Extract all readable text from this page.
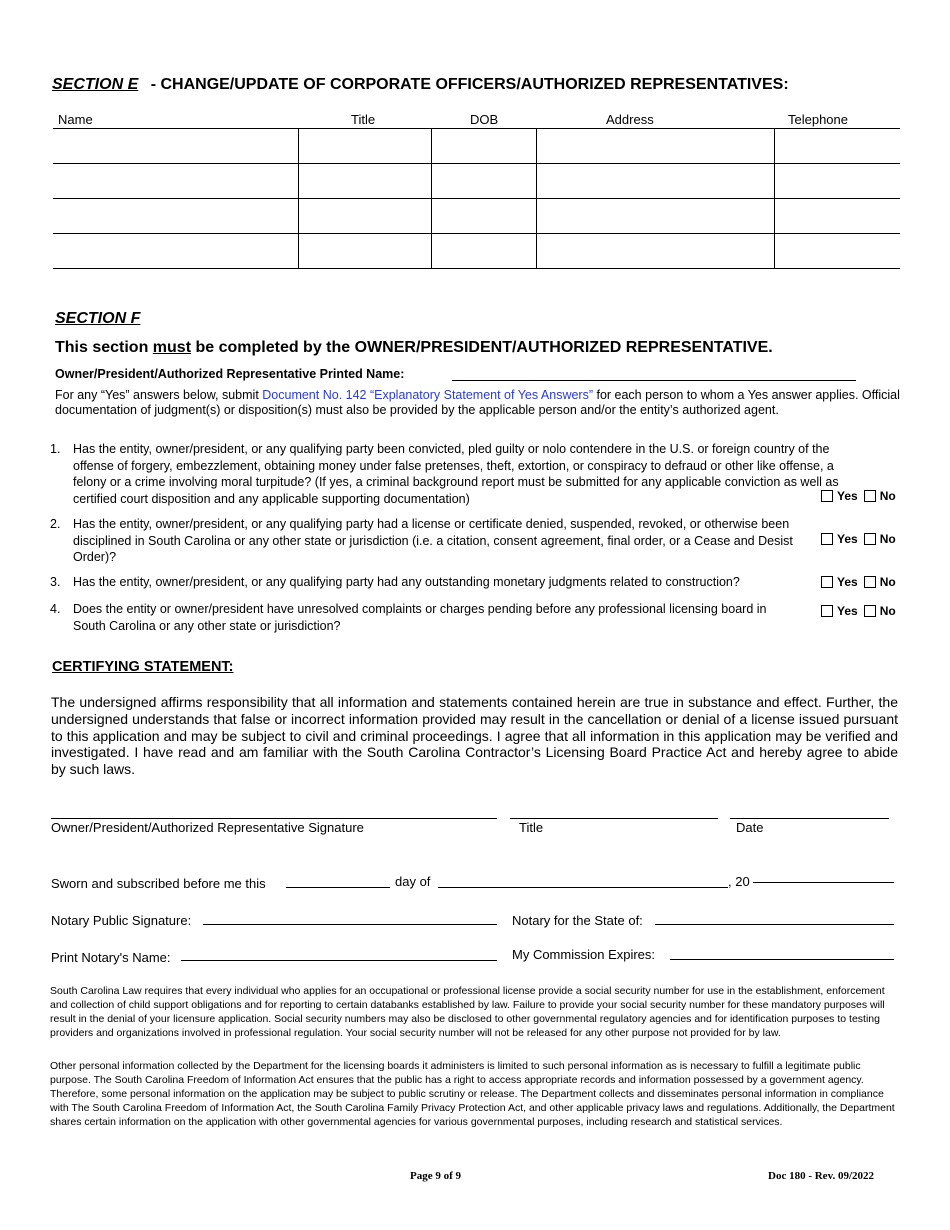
SECTION E - CHANGE/UPDATE OF CORPORATE OFFICERS/AUTHORIZED REPRESENTATIVES:
Name	Title	DOB	Address	Telephone

SECTION F
This section must be completed by the OWNER/PRESIDENT/AUTHORIZED REPRESENTATIVE.
Owner/President/Authorized Representative Printed Name:
For any “Yes” answers below, submit Document No. 142 “Explanatory Statement of Yes Answers” for each person to whom a Yes answer applies. Official documentation of judgment(s) or disposition(s) must also be provided by the applicable person and/or the entity’s authorized agent.
1. Has the entity, owner/president, or any qualifying party been convicted, pled guilty or nolo contendere in the U.S. or foreign country of the offense of forgery, embezzlement, obtaining money under false pretenses, theft, extortion, or conspiracy to defraud or other like offense, a felony or a crime involving moral turpitude? (If yes, a criminal background report must be submitted for any applicable conviction as well as certified court disposition and any applicable supporting documentation)	Yes No
2. Has the entity, owner/president, or any qualifying party had a license or certificate denied, suspended, revoked, or otherwise been disciplined in South Carolina or any other state or jurisdiction (i.e. a citation, consent agreement, final order, or a Cease and Desist Order)?
Yes No
3. Has the entity, owner/president, or any qualifying party had any outstanding monetary judgments related to construction?	Yes No
4. Does the entity or owner/president have unresolved complaints or charges pending before any professional licensing board in South Carolina or any other state or jurisdiction?
Yes No
CERTIFYING STATEMENT:
The undersigned affirms responsibility that all information and statements contained herein are true in substance and effect. Further, the undersigned understands that false or incorrect information provided may result in the cancellation or denial of a license issued pursuant to this application and may be subject to civil and criminal proceedings. I agree that all information in this application may be verified and investigated. I have read and am familiar with the South Carolina Contractor’s Licensing Board Practice Act and hereby agree to abide by such laws.
Owner/President/Authorized Representative Signature	Title	Date
Sworn and subscribed before me this	day of	, 20
Notary Public Signature:	Notary for the State of:
Print Notary's Name:	My Commission Expires:
South Carolina Law requires that every individual who applies for an occupational or professional license provide a social security number for use in the establishment, enforcement and collection of child support obligations and for reporting to certain databanks established by law. Failure to provide your social security number for these mandatory purposes will result in the denial of your licensure application. Social security numbers may also be disclosed to other governmental regulatory agencies and for identification purposes to testing providers and organizations involved in professional regulation. Your social security number will not be released for any other purpose not provided for by law.
Other personal information collected by the Department for the licensing boards it administers is limited to such personal information as is necessary to fulfill a legitimate public purpose. The South Carolina Freedom of Information Act ensures that the public has a right to access appropriate records and information possessed by a government agency. Therefore, some personal information on the application may be subject to public scrutiny or release. The Department collects and disseminates personal information in compliance with The South Carolina Freedom of Information Act, the South Carolina Family Privacy Protection Act, and other applicable privacy laws and regulations. Additionally, the Department shares certain information on the application with other governmental agencies for various governmental purposes, including research and statistical services.
Page 9 of 9	Doc 180 - Rev. 09/2022
